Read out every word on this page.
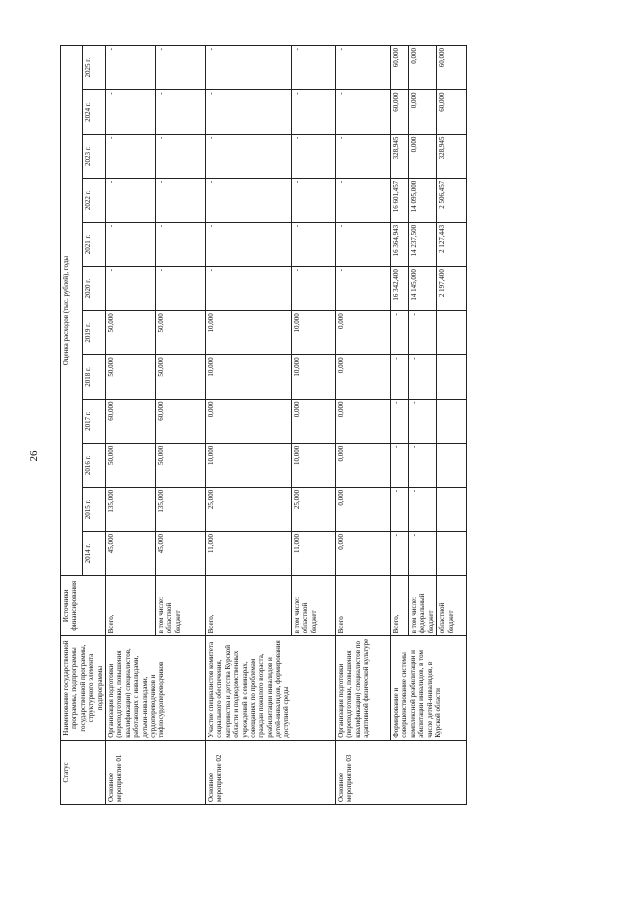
26
Статус	Наименование государственной программы, подпрограммы государственной программы, структурного элемента подпрограммы	Источники финансирования	Оценка расходов (тыс. рублей), годы											
			2014 г.	2015 г.	2016 г.	2017 г.	2018 г.	2019 г.	2020 г.	2021 г.	2022 г.	2023 г.	2024 г.	2025 г.
Основное мероприятие 01	Организация подготовки (переподготовки, повышения квалификации) специалистов, работающих с инвалидами, детьми-инвалидами, сурдопереводчиков и тифлосурдопереводчиков	Всего,	45,000	135,000	50,000	60,000	50,000	50,000	-	-	-	-	-	-
		в том числе: областной бюджет	45,000	135,000	50,000	60,000	50,000	50,000	-	-	-	-	-	-
Основное мероприятие 02	Участие специалистов комитета социального обеспечения, материнства и детства Курской области и подведомственных учреждений в семинарах, совещаниях по проблемам граждан пожилого возраста, реабилитации инвалидов и детей-инвалидов, формирования доступной среды	Всего,	11,000	25,000	10,000	0,000	10,000	10,000	-	-	-	-	-	-
		в том числе: областной бюджет	11,000	25,000	10,000	0,000	10,000	10,000	-	-	-	-	-	-
Основное мероприятие 03	Организация подготовки (переподготовки, повышения квалификации) специалистов по адаптивной физической культуре	Всего	0,000	0,000	0,000	0,000	0,000	0,000	-	-	-	-	-	-
	Формирование и совершенствование системы комплексной реабилитации и абилитации инвалидов, в том числе детей-инвалидов, в Курской области	Всего,	-	-	-	-	-	-	16 342,400	16 364,943	16 601,457	328,945	60,000	60,000
		в том числе: федеральный бюджет	-	-	-	-	-	-	14 145,000	14 237,500	14 095,000	0,000	0,000	0,000
		областной бюджет							2 197,400	2 127,443	2 506,457	328,945	60,000	60,000
